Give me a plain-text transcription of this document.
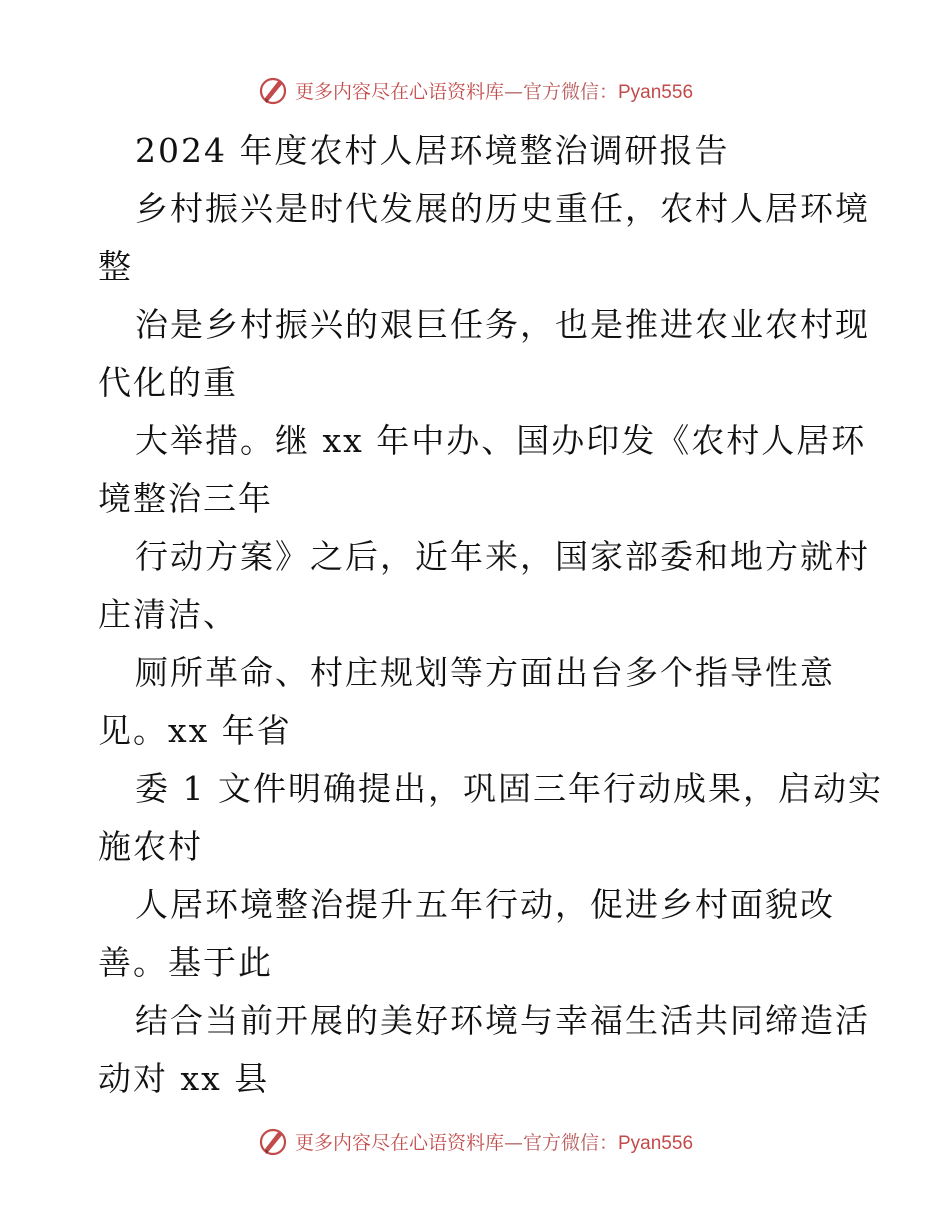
更多内容尽在心语资料库—官方微信：Pyan556
2024 年度农村人居环境整治调研报告
乡村振兴是时代发展的历史重任，农村人居环境
整
治是乡村振兴的艰巨任务，也是推进农业农村现
代化的重
大举措。继 xx 年中办、国办印发《农村人居环
境整治三年
行动方案》之后，近年来，国家部委和地方就村
庄清洁、
厕所革命、村庄规划等方面出台多个指导性意
见。xx 年省
委 1 文件明确提出，巩固三年行动成果，启动实
施农村
人居环境整治提升五年行动，促进乡村面貌改
善。基于此
结合当前开展的美好环境与幸福生活共同缔造活
动对 xx 县
更多内容尽在心语资料库—官方微信：Pyan556
